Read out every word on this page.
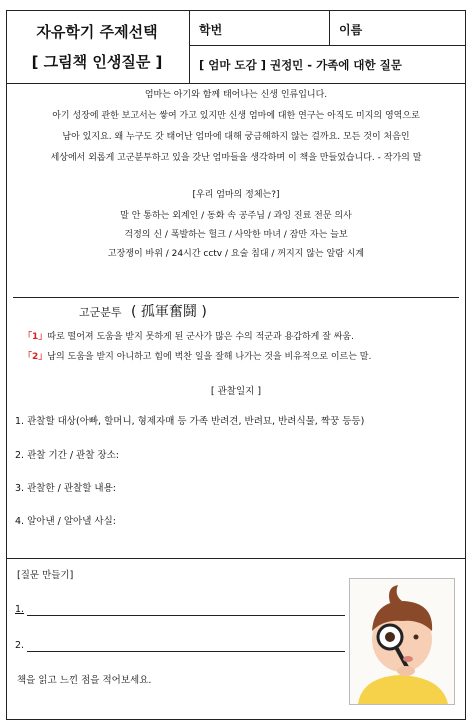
자유학기 주제선택
[ 그림책 인생질문 ]
학번	이름
[ 엄마 도감 ] 권정민 - 가족에 대한 질문
엄마는 아기와 함께 태어나는 신생 인류입니다.
아기 성장에 관한 보고서는 쌓여 가고 있지만 신생 엄마에 대한 연구는 아직도 미지의 영역으로
남아 있지요. 왜 누구도 갓 태어난 엄마에 대해 궁금해하지 않는 걸까요. 모든 것이 처음인
세상에서 외롭게 고군분투하고 있을 갓난 엄마들을 생각하며 이 책을 만들었습니다. - 작가의 말
[우리 엄마의 정체는?]
말 안 통하는 외계인 / 동화 속 공주님 / 과잉 진료 전문 의사
걱정의 신 / 폭발하는 헐크 / 사악한 마녀 / 잠만 자는 늘보
고장쟁이 바위 / 24시간 cctv / 요술 침대 / 꺼지지 않는 알람 시계
고군분투 ( 孤軍奮鬪 )
「1」따로 떨어져 도움을 받지 못하게 된 군사가 많은 수의 적군과 용감하게 잘 싸움.
「2」남의 도움을 받지 아니하고 힘에 벅찬 일을 잘해 나가는 것을 비유적으로 이르는 말.
[ 관찰일지 ]
1. 관찰할 대상(아빠, 할머니, 형제자매 등 가족 반려견, 반려묘, 반려식물, 짝꿍 등등)
2. 관찰 기간 / 관찰 장소:
3. 관찰한 / 관찰할 내용:
4. 알아낸 / 알아낼 사실:
[질문 만들기]
1.
2.
책을 읽고 느낀 점을 적어보세요.
